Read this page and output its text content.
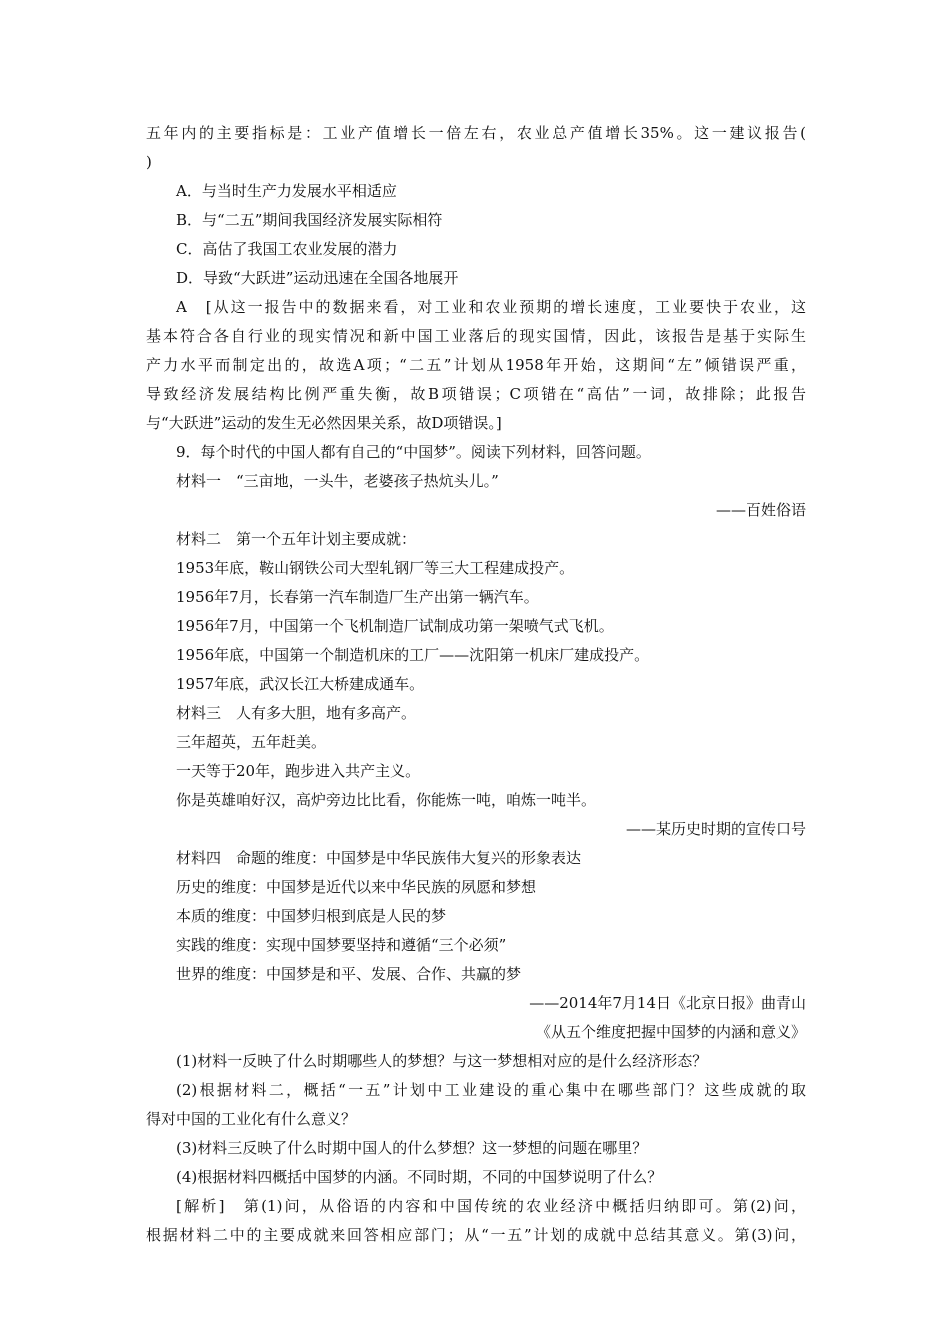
五年内的主要指标是：工业产值增长一倍左右，农业总产值增长35%。这一建议报告(
)
A．与当时生产力发展水平相适应
B．与“二五”期间我国经济发展实际相符
C．高估了我国工农业发展的潜力
D．导致“大跃进”运动迅速在全国各地展开
A　[从这一报告中的数据来看，对工业和农业预期的增长速度，工业要快于农业，这
基本符合各自行业的现实情况和新中国工业落后的现实国情，因此，该报告是基于实际生
产力水平而制定出的，故选A项；“二五”计划从1958年开始，这期间“左”倾错误严重，
导致经济发展结构比例严重失衡，故B项错误；C项错在“高估”一词，故排除；此报告
与“大跃进”运动的发生无必然因果关系，故D项错误。]
9．每个时代的中国人都有自己的“中国梦”。阅读下列材料，回答问题。
材料一　“三亩地，一头牛，老婆孩子热炕头儿。”
——百姓俗语
材料二　第一个五年计划主要成就：
1953年底，鞍山钢铁公司大型轧钢厂等三大工程建成投产。
1956年7月，长春第一汽车制造厂生产出第一辆汽车。
1956年7月，中国第一个飞机制造厂试制成功第一架喷气式飞机。
1956年底，中国第一个制造机床的工厂——沈阳第一机床厂建成投产。
1957年底，武汉长江大桥建成通车。
材料三　人有多大胆，地有多高产。
三年超英，五年赶美。
一天等于20年，跑步进入共产主义。
你是英雄咱好汉，高炉旁边比比看，你能炼一吨，咱炼一吨半。
——某历史时期的宣传口号
材料四　命题的维度：中国梦是中华民族伟大复兴的形象表达
历史的维度：中国梦是近代以来中华民族的夙愿和梦想
本质的维度：中国梦归根到底是人民的梦
实践的维度：实现中国梦要坚持和遵循“三个必须”
世界的维度：中国梦是和平、发展、合作、共赢的梦
——2014年7月14日《北京日报》曲青山
《从五个维度把握中国梦的内涵和意义》
(1)材料一反映了什么时期哪些人的梦想？与这一梦想相对应的是什么经济形态？
(2)根据材料二，概括“一五”计划中工业建设的重心集中在哪些部门？这些成就的取
得对中国的工业化有什么意义？
(3)材料三反映了什么时期中国人的什么梦想？这一梦想的问题在哪里？
(4)根据材料四概括中国梦的内涵。不同时期，不同的中国梦说明了什么？
[解析]　第(1)问，从俗语的内容和中国传统的农业经济中概括归纳即可。第(2)问，
根据材料二中的主要成就来回答相应部门；从“一五”计划的成就中总结其意义。第(3)问，
